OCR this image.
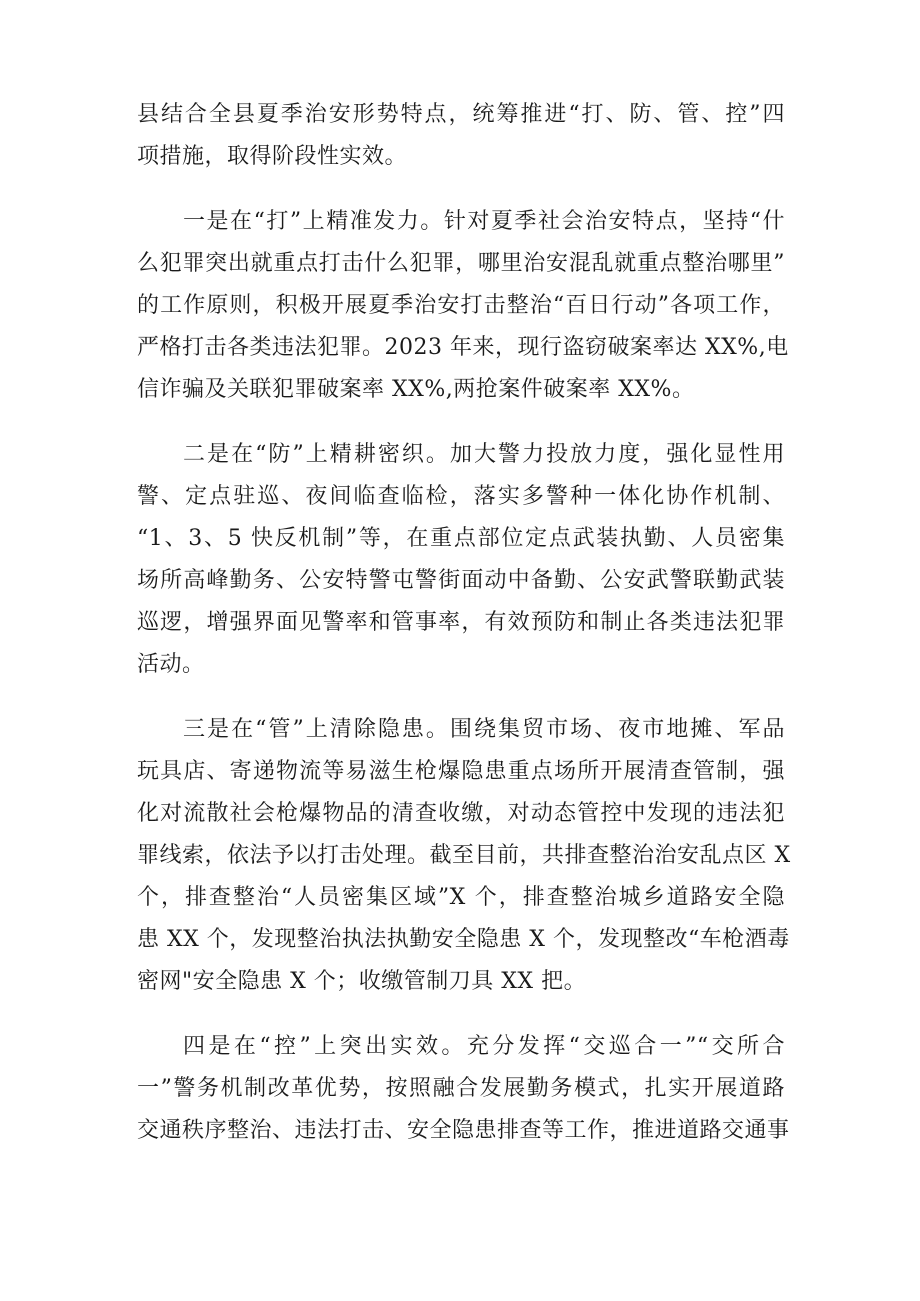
县结合全县夏季治安形势特点，统筹推进“打、防、管、控”四
项措施，取得阶段性实效。
一是在“打”上精准发力。针对夏季社会治安特点，坚持“什
么犯罪突出就重点打击什么犯罪，哪里治安混乱就重点整治哪里”
的工作原则，积极开展夏季治安打击整治“百日行动”各项工作，
严格打击各类违法犯罪。2023 年来，现行盗窃破案率达 XX%,电
信诈骗及关联犯罪破案率 XX%,两抢案件破案率 XX%。
二是在“防”上精耕密织。加大警力投放力度，强化显性用
警、定点驻巡、夜间临查临检，落实多警种一体化协作机制、
“1、3、5 快反机制”等，在重点部位定点武装执勤、人员密集
场所高峰勤务、公安特警屯警街面动中备勤、公安武警联勤武装
巡逻，增强界面见警率和管事率，有效预防和制止各类违法犯罪
活动。
三是在“管”上清除隐患。围绕集贸市场、夜市地摊、军品
玩具店、寄递物流等易滋生枪爆隐患重点场所开展清查管制，强
化对流散社会枪爆物品的清查收缴，对动态管控中发现的违法犯
罪线索，依法予以打击处理。截至目前，共排查整治治安乱点区 X
个，排查整治“人员密集区域”X 个，排查整治城乡道路安全隐
患 XX 个，发现整治执法执勤安全隐患 X 个，发现整改“车枪酒毒
密网"安全隐患 X 个；收缴管制刀具 XX 把。
四是在“控”上突出实效。充分发挥“交巡合一”“交所合
一”警务机制改革优势，按照融合发展勤务模式，扎实开展道路
交通秩序整治、违法打击、安全隐患排查等工作，推进道路交通事
